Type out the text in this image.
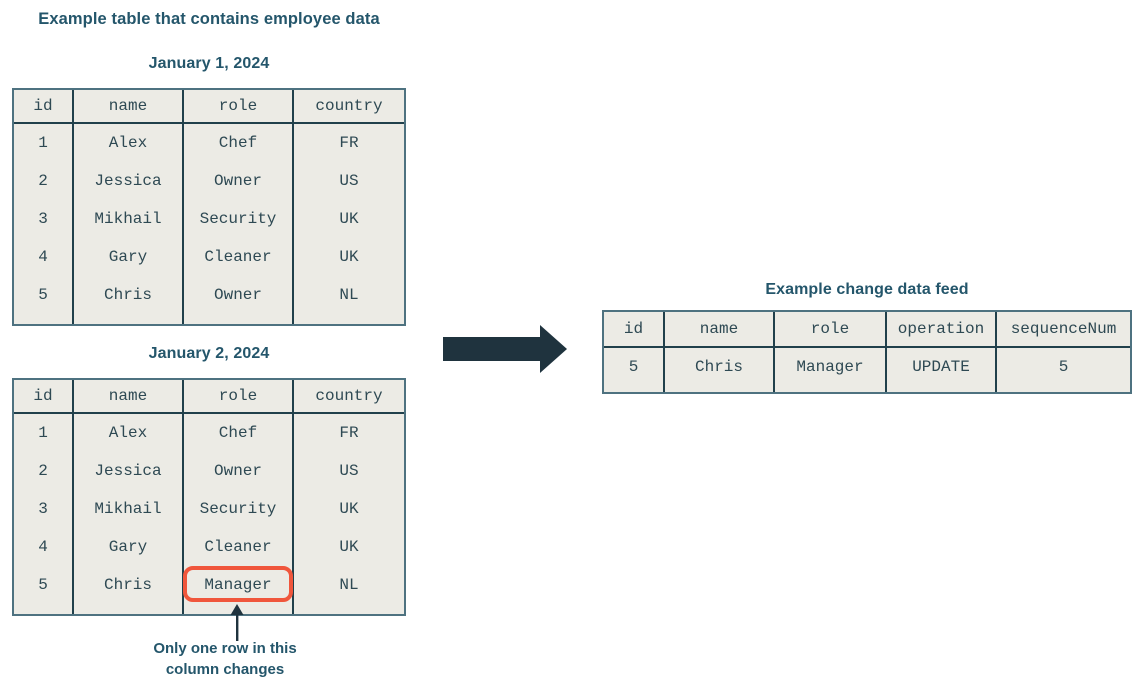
Example table that contains employee data
January 1, 2024
id	name	role	country
1	Alex	Chef	FR
2	Jessica	Owner	US
3	Mikhail	Security	UK
4	Gary	Cleaner	UK
5	Chris	Owner	NL
January 2, 2024
id	name	role	country
1	Alex	Chef	FR
2	Jessica	Owner	US
3	Mikhail	Security	UK
4	Gary	Cleaner	UK
5	Chris	Manager	NL
Only one row in this
column changes
Example change data feed
id	name	role	operation	sequenceNum
5	Chris	Manager	UPDATE	5
